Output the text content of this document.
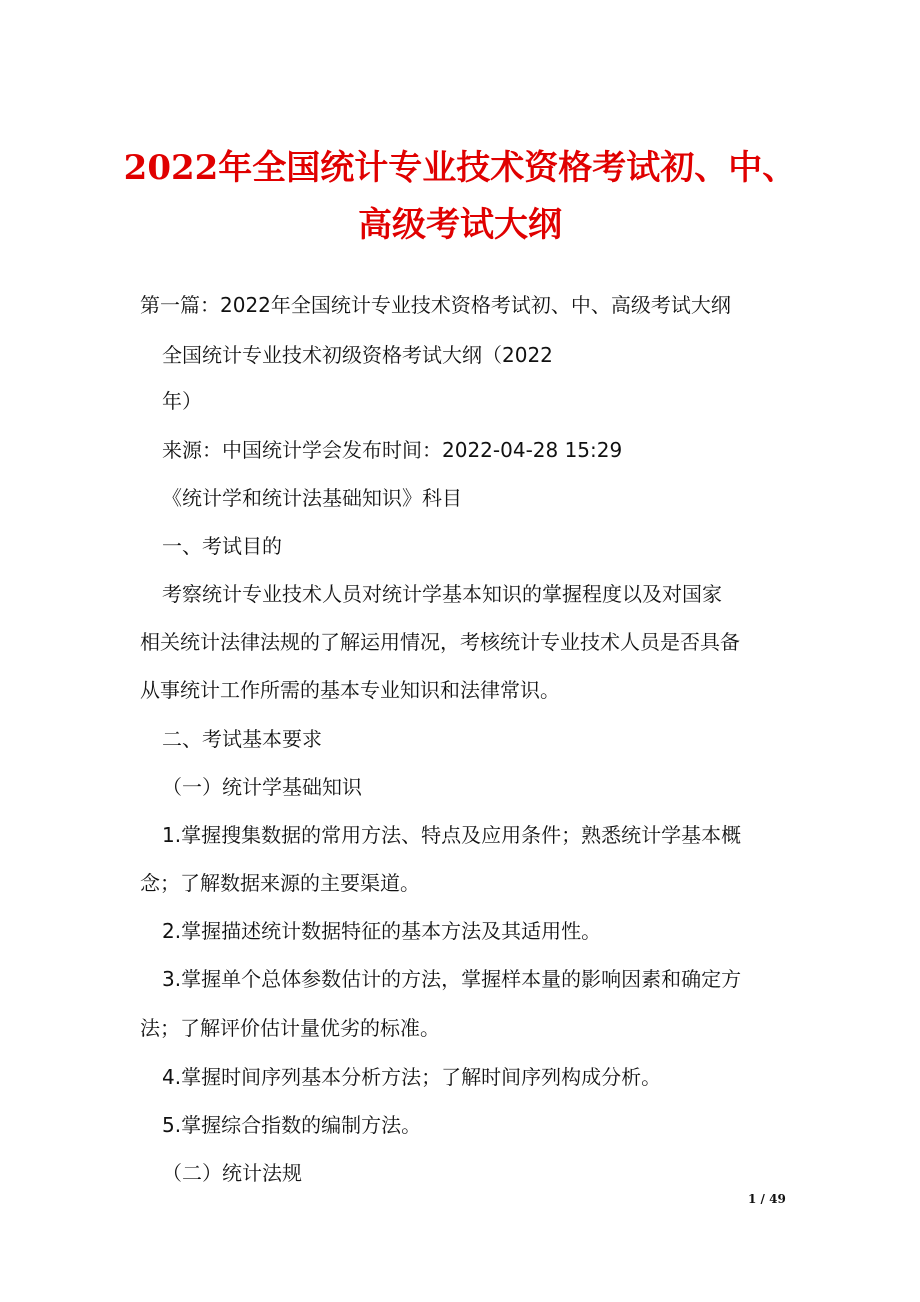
2022年全国统计专业技术资格考试初、中、
高级考试大纲
第一篇：2022年全国统计专业技术资格考试初、中、高级考试大纲
全国统计专业技术初级资格考试大纲（2022
年）
来源：中国统计学会发布时间：2022-04-28 15:29
《统计学和统计法基础知识》科目
一、考试目的
考察统计专业技术人员对统计学基本知识的掌握程度以及对国家
相关统计法律法规的了解运用情况，考核统计专业技术人员是否具备
从事统计工作所需的基本专业知识和法律常识。
二、考试基本要求
（一）统计学基础知识
1.掌握搜集数据的常用方法、特点及应用条件；熟悉统计学基本概
念；了解数据来源的主要渠道。
2.掌握描述统计数据特征的基本方法及其适用性。
3.掌握单个总体参数估计的方法，掌握样本量的影响因素和确定方
法；了解评价估计量优劣的标准。
4.掌握时间序列基本分析方法；了解时间序列构成分析。
5.掌握综合指数的编制方法。
（二）统计法规
1 / 49
